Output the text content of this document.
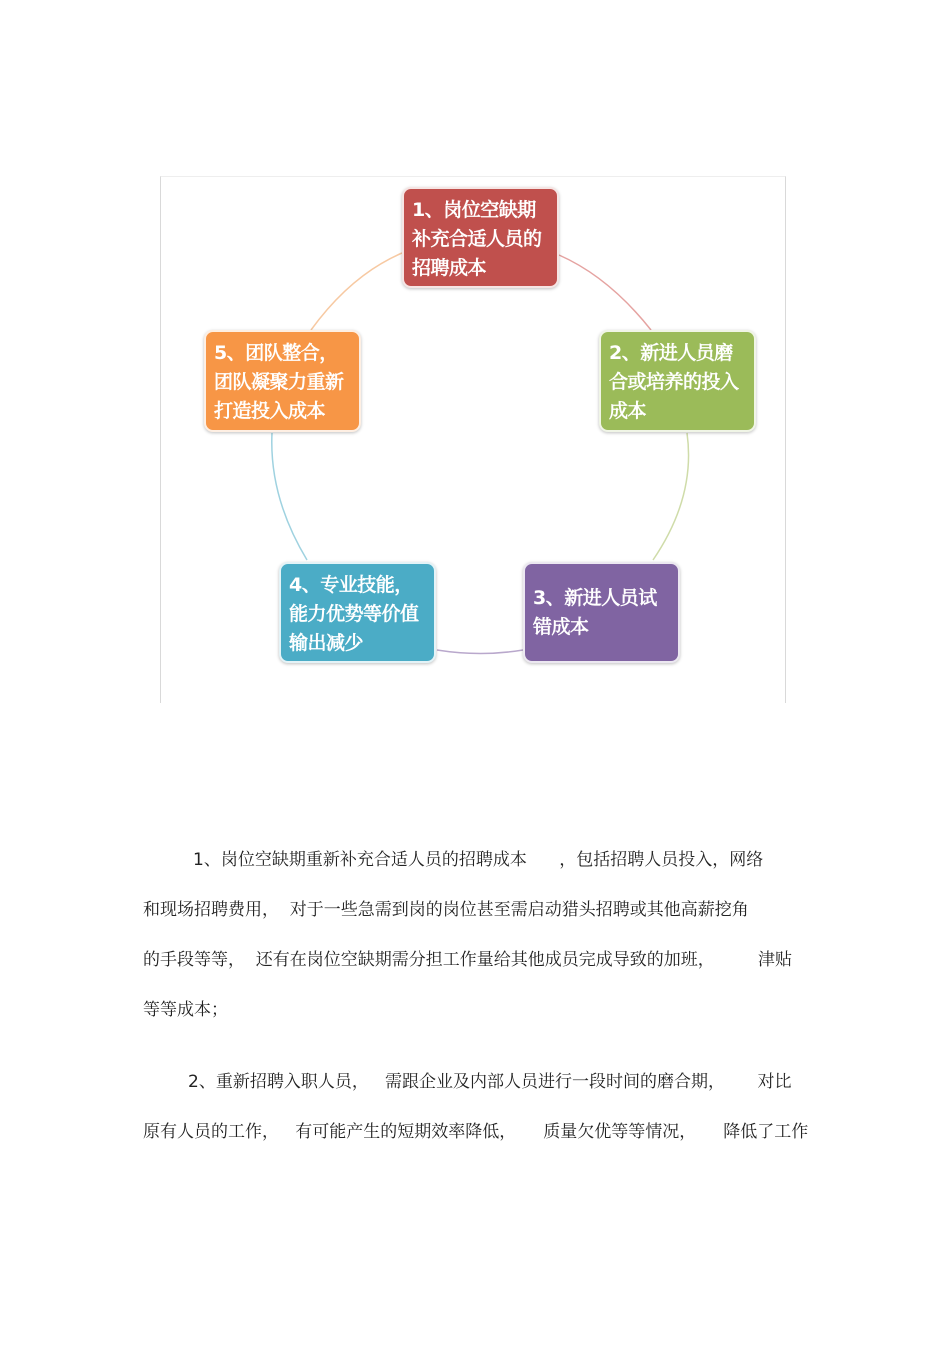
1、岗位空缺期
补充合适人员的
招聘成本
2、新进人员磨
合或培养的投入
成本
3、新进人员试
错成本
4、专业技能，
能力优势等价值
输出减少
5、团队整合，
团队凝聚力重新
打造投入成本
1、岗位空缺期重新补充合适人员的招聘成本      ，包括招聘人员投入，网络
和现场招聘费用，  对于一些急需到岗的岗位甚至需启动猎头招聘或其他高薪挖角
的手段等等，  还有在岗位空缺期需分担工作量给其他成员完成导致的加班，        津贴
等等成本；
2、重新招聘入职人员，   需跟企业及内部人员进行一段时间的磨合期，      对比
原有人员的工作，   有可能产生的短期效率降低，     质量欠优等等情况，     降低了工作
